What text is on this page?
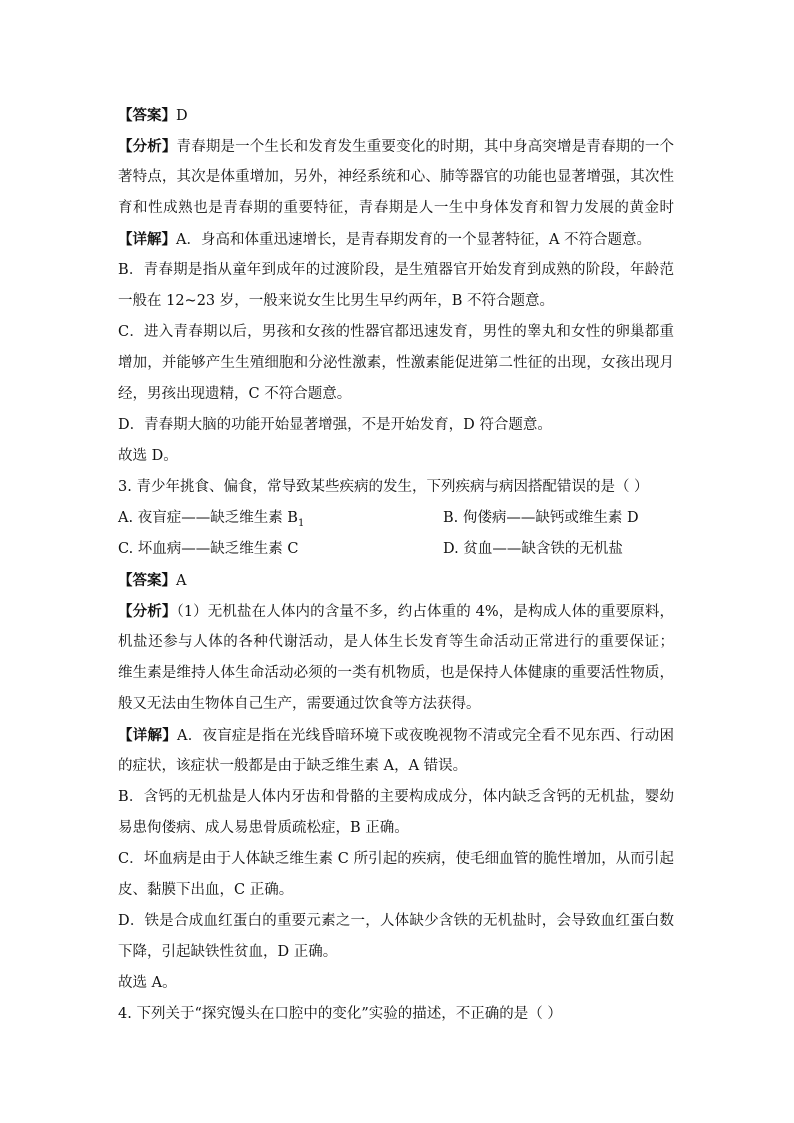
【答案】D
【分析】青春期是一个生长和发育发生重要变化的时期，其中身高突增是青春期的一个
著特点，其次是体重增加，另外，神经系统和心、肺等器官的功能也显著增强，其次性
育和性成熟也是青春期的重要特征，青春期是人一生中身体发育和智力发展的黄金时
【详解】A．身高和体重迅速增长，是青春期发育的一个显著特征，A 不符合题意。
B．青春期是指从童年到成年的过渡阶段，是生殖器官开始发育到成熟的阶段，年龄范
一般在 12~23 岁，一般来说女生比男生早约两年，B 不符合题意。
C．进入青春期以后，男孩和女孩的性器官都迅速发育，男性的睾丸和女性的卵巢都重
增加，并能够产生生殖细胞和分泌性激素，性激素能促进第二性征的出现，女孩出现月
经，男孩出现遗精，C 不符合题意。
D．青春期大脑的功能开始显著增强，不是开始发育，D 符合题意。
故选 D。
3. 青少年挑食、偏食，常导致某些疾病的发生，下列疾病与病因搭配错误的是（ ）
A. 夜盲症——缺乏维生素 $B_1$	B. 佝偻病——缺钙或维生素 D
C. 坏血病——缺乏维生素 C	D. 贫血——缺含铁的无机盐
【答案】A
【分析】（1）无机盐在人体内的含量不多，约占体重的 4%，是构成人体的重要原料，
机盐还参与人体的各种代谢活动，是人体生长发育等生命活动正常进行的重要保证；
维生素是维持人体生命活动必须的一类有机物质，也是保持人体健康的重要活性物质，
般又无法由生物体自己生产，需要通过饮食等方法获得。
【详解】A．夜盲症是指在光线昏暗环境下或夜晚视物不清或完全看不见东西、行动困
的症状，该症状一般都是由于缺乏维生素 A，A 错误。
B．含钙的无机盐是人体内牙齿和骨骼的主要构成成分，体内缺乏含钙的无机盐，婴幼
易患佝偻病、成人易患骨质疏松症，B 正确。
C．坏血病是由于人体缺乏维生素 C 所引起的疾病，使毛细血管的脆性增加，从而引起
皮、黏膜下出血，C 正确。
D．铁是合成血红蛋白的重要元素之一，人体缺少含铁的无机盐时，会导致血红蛋白数
下降，引起缺铁性贫血，D 正确。
故选 A。
4. 下列关于“探究馒头在口腔中的变化”实验的描述，不正确的是（ ）
